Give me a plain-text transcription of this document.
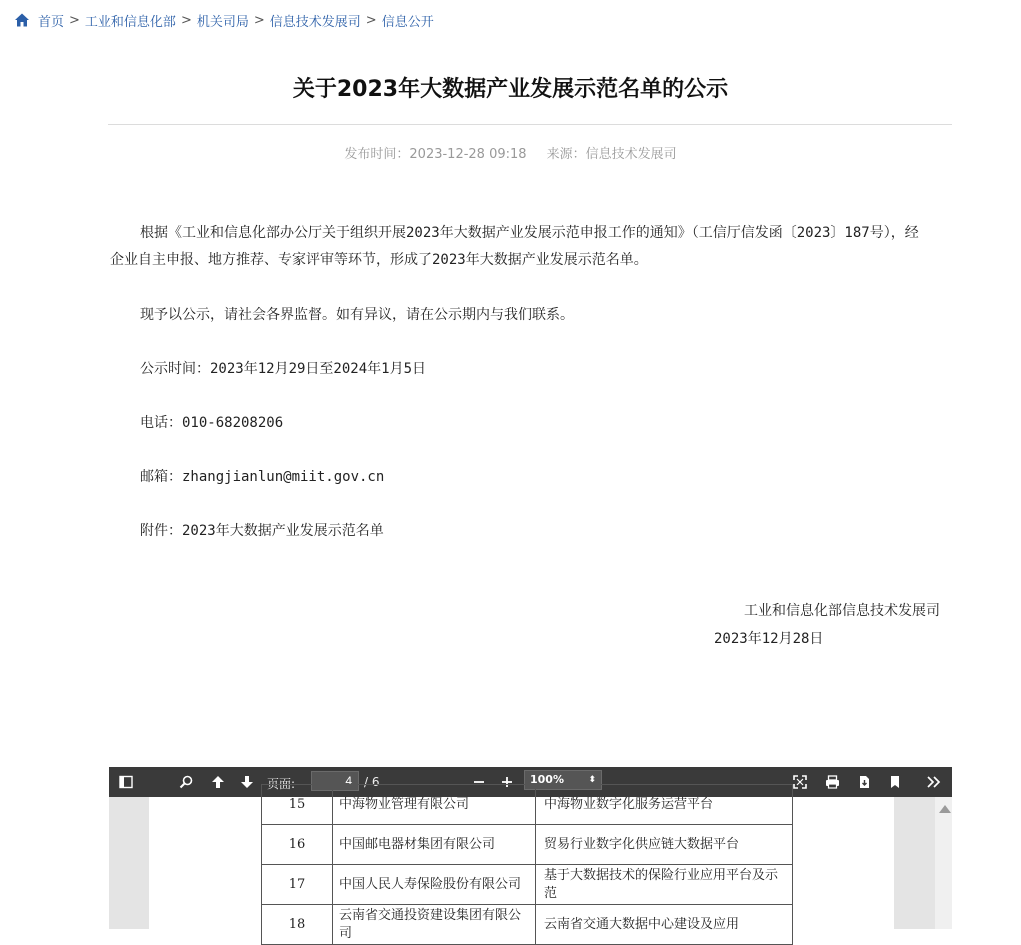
首页 > 工业和信息化部 > 机关司局 > 信息技术发展司 > 信息公开
关于2023年大数据产业发展示范名单的公示
发布时间：2023-12-28 09:18 来源：信息技术发展司
根据《工业和信息化部办公厅关于组织开展2023年大数据产业发展示范申报工作的通知》（工信厅信发函〔2023〕187号），经企业自主申报、地方推荐、专家评审等环节，形成了2023年大数据产业发展示范名单。
现予以公示，请社会各界监督。如有异议，请在公示期内与我们联系。
公示时间：2023年12月29日至2024年1月5日
电话：010-68208206
邮箱：zhangjianlun@miit.gov.cn
附件：2023年大数据产业发展示范名单
工业和信息化部信息技术发展司
2023年12月28日
页面:
4	/ 6	100%	⬍
15	中海物业管理有限公司	中海物业数字化服务运营平台
16	中国邮电器材集团有限公司	贸易行业数字化供应链大数据平台
17	中国人民人寿保险股份有限公司	基于大数据技术的保险行业应用平台及示范
18	云南省交通投资建设集团有限公司	云南省交通大数据中心建设及应用
